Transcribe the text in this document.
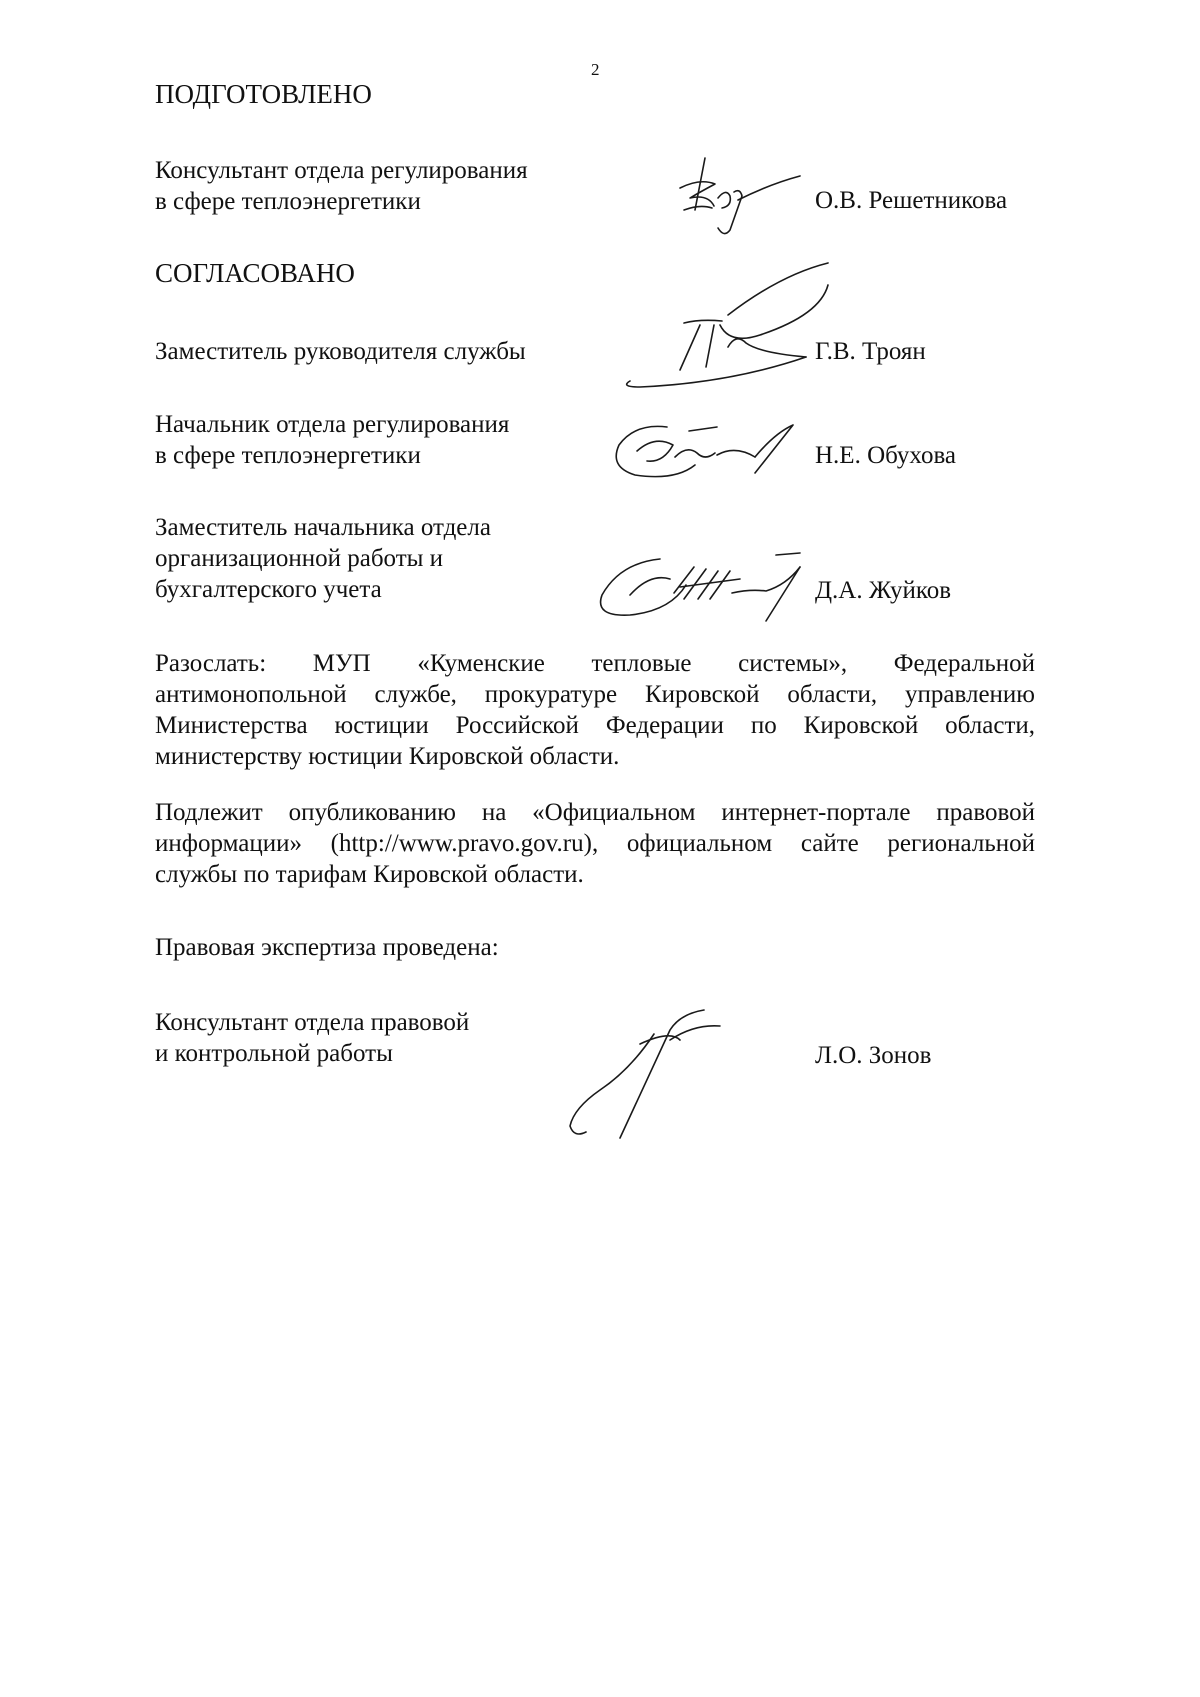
2
ПОДГОТОВЛЕНО
Консультант отдела регулирования
в сфере теплоэнергетики	О.В. Решетникова
СОГЛАСОВАНО
Заместитель руководителя службы	Г.В. Троян
Начальник отдела регулирования
в сфере теплоэнергетики	Н.Е. Обухова
Заместитель начальника отдела
организационной работы и
бухгалтерского учета	Д.А. Жуйков
Разослать: МУП «Куменские тепловые системы», Федеральной
антимонопольной службе, прокуратуре Кировской области, управлению
Министерства юстиции Российской Федерации по Кировской области,
министерству юстиции Кировской области.
Подлежит опубликованию на «Официальном интернет-портале правовой
информации» (http://www.pravo.gov.ru), официальном сайте региональной
службы по тарифам Кировской области.
Правовая экспертиза проведена:
Консультант отдела правовой
и контрольной работы	Л.О. Зонов
